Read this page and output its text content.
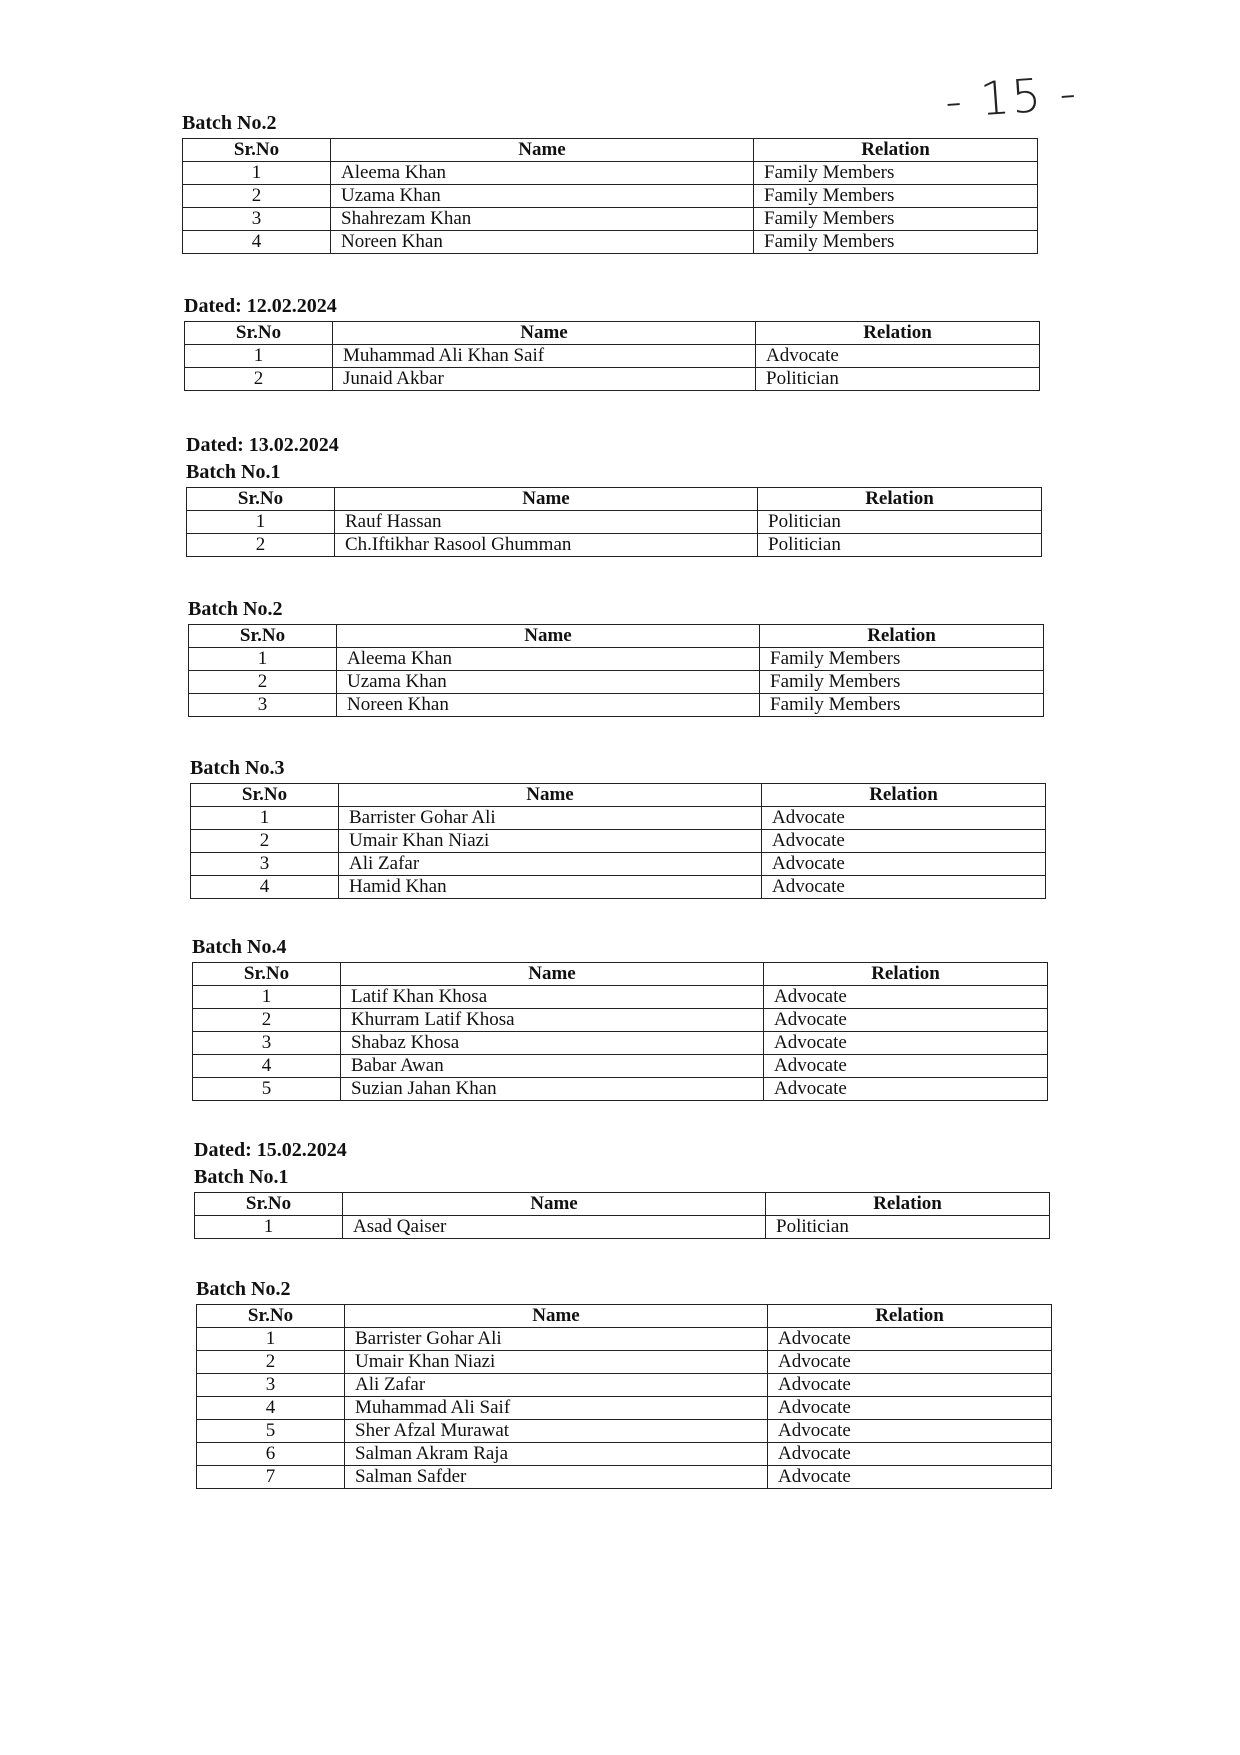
- 15 -
Batch No.2
Sr.No	Name	Relation
1	Aleema Khan	Family Members
2	Uzama Khan	Family Members
3	Shahrezam Khan	Family Members
4	Noreen Khan	Family Members
Dated: 12.02.2024
Sr.No	Name	Relation
1	Muhammad Ali Khan Saif	Advocate
2	Junaid Akbar	Politician
Dated: 13.02.2024
Batch No.1
Sr.No	Name	Relation
1	Rauf Hassan	Politician
2	Ch.Iftikhar Rasool Ghumman	Politician
Batch No.2
Sr.No	Name	Relation
1	Aleema Khan	Family Members
2	Uzama Khan	Family Members
3	Noreen Khan	Family Members
Batch No.3
Sr.No	Name	Relation
1	Barrister Gohar Ali	Advocate
2	Umair Khan Niazi	Advocate
3	Ali Zafar	Advocate
4	Hamid Khan	Advocate
Batch No.4
Sr.No	Name	Relation
1	Latif Khan Khosa	Advocate
2	Khurram Latif Khosa	Advocate
3	Shabaz Khosa	Advocate
4	Babar Awan	Advocate
5	Suzian Jahan Khan	Advocate
Dated: 15.02.2024
Batch No.1
Sr.No	Name	Relation
1	Asad Qaiser	Politician
Batch No.2
Sr.No	Name	Relation
1	Barrister Gohar Ali	Advocate
2	Umair Khan Niazi	Advocate
3	Ali Zafar	Advocate
4	Muhammad Ali Saif	Advocate
5	Sher Afzal Murawat	Advocate
6	Salman Akram Raja	Advocate
7	Salman Safder	Advocate
